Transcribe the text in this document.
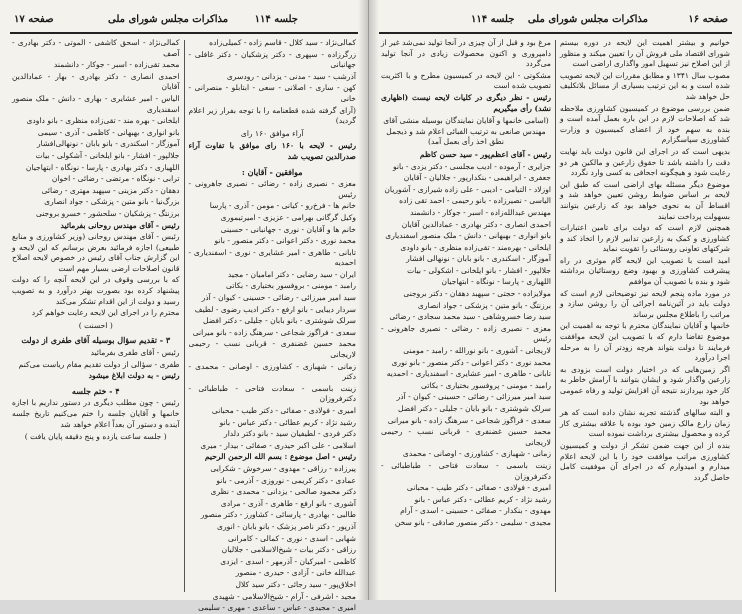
صفحه ۱۷	مذاکرات مجلس شورای ملی	جلسه ۱۱۴

کمالی‌نژاد - سید کلال - قاسم زاده - کمیلی‌زاده

زرگرزاده - سپهری - دکتر پزشکیان - دکتر غافلی - جهانبانی

آذرشب - سید - مدنی - یزدانی - رودسری

کهن - ساری - اصلانی - سعی - ابتابلو - منصرانی - خانی

(آرای گرفته شده قطعنامه را با توجه بفرار زیر اعلام گردید)

آراء موافق ۱۶۰ رای

رئیس - لایحه با ۱۶۰ رای موافق با تفاوت آراء صدرالدین تصویب شد

موافقین - آقایان :

معزی - نصیری زاده - رضائی - نصیری جاهرونی - رئیس

خانم ها - فرخ‌رو - کیانی - مومن - آذری - پارسا

وکیل گرگانی بهرامی - عزیزی - امیرتیموری

خانم ها و آقایان - نوری - جهانبانی - حسینی

محمد نوری - دکتر اعوانی - دکتر منصور - بانو

تابانی - طاهری - امیر عشایری - نوری - اسفندیاری - احمدیه

ایران - سید رضایی - دکتر امامیان - مجید

رامبد - مومنی - بروفسور بختیاری - بکاتی

سید امیر میرزائی - رضائی - حسینی - کیوان - آذر

سردار دیبایی - بانو ارفع - دکتر ادیب رضوی - لطیف

سرلک شوشتری - بانو بابان - جلیلی - دکتر افضل

سعدی - فراگوز شجاعی - سرهنگ زاده - بانو میرانی

محمد حسین غضنفری - قربانی نسب - رحیمی لاریجانی

زمانی - شهبازی - کشاورزی - اوصانی - محمدی - دکتر

زینت باسمی - سعادت فتاحی - طباطبائی - دکترفروزان

امیری - فولادی - صفائی - دکتر طیب - محبانی

رشید نژاد - کریم عطائی - دکتر عباس - بانو

دکتر فردی - لطیفیان سید - بانو دکتر دلدار

اسلامی - علی اکبر حیدری - صفائی - بیدار - میری

رئیس - اصل موضوع : بسم الله الرحمن الرحیم

پیرزاده - رزاقی - مهدوی - سرخوش - شکرایی

عمادی - دکتر کریمی - نوروزی - آذرمی - بانو

دکتر محمود صالحی - یزدانی - محمدی - نظری

آشوری - بانو ارفع - طاهری - آذری - مرادی

طالبی - بهادری - پارسائی - کشاورز - دکتر منصور

آذرپور - دکتر ناصر پزشک - بانو بابان - انوری

شهابی - اسدی - نوری - کمالی - کامرانی

رزاقی - دکتر بیات - شیخ‌الاسلامی - جلالیان

کاظمی - امیرکیان - آذرمهر - اسدی - ایزدی

عبدالله خانی - آزادی - حیدری - منصور

اخلاق‌پور - سید رجائی - دکتر سید کلال

مجید - اشرفی - آرام - شیخ‌الاسلامی - شهیدی

امیری - مجیدی - عباس - ساعدی - مهری - سلیمی

کمالی‌نژاد - اسحق کاشفی - الموتی - دکتر بهادری - آصف

محمد تقی‌زاده - اسبر - جوکار - دانشمند

احمدی انصاری - دکتر بهادری - بهار - عمادالدین آقایان

الیاس - امیر عشایری - بهاری - دانش - ملک منصور اسفندیاری

ایلخانی - بهره مند - تقی‌زاده منظری - بانو داودی

بانو انواری - بهبهانی - کاظمی - آذری - سیمی

آموزگار - اسکندری - بانو بابان - نونهالی‌افشار

جلالپور - افشار - بانو ایلخانی - آشکولی - بیات

اللهیاری - دکتر بهادری - پارسا - نونگاه - ابتهاجیان

ترابی - نونگاه - مرتضی - رضائی - اخوان

دهقان - دکتر مزینی - سپهبد مهتری - رضائی

بزرگ‌نیا - بانو متین - پزشکی - جواد انصاری

برزنتگ - پزشکیان - سلحشور - خسرو بروجنی

رئیس - آقای مهندس روحانی بفرمائید

رئیس - آقای مهندس روحانی (وزیر کشاورزی و منابع طبیعی) اجازه فرمائید بعرض برسانم که این لایحه و این گزارش جناب آقای رئیس در خصوص لایحه اصلاح قانون اصلاحات ارضی بسیار مهم است

که با بررسی وقوف در این لایحه آنچه را که دولت پیشنهاد کرده بود بصورت بهتر درآورد و به تصویب رسید و دولت از این اقدام تشکر می‌کند

محترم را در اجرای این لایحه رعایت خواهم کرد

( احسنت )

۳ - تقدیم سؤال بوسیله آقای طفری از دولت

رئیس - آقای طفری بفرمائید

طفری - سؤالی از دولت تقدیم مقام ریاست می‌کنم

رئیس - به دولت ابلاغ میشود

۴ - ختم جلسه

رئیس - چون مطلب دیگری در دستور نداریم با اجازه خانمها و آقایان جلسه را ختم می‌کنیم تاریخ جلسه آینده و دستور آن بعداً اعلام خواهد شد

( جلسه ساعت یازده و پنج دقیقه پایان یافت )

صفحه ۱۶
مذاکرات مجلس شورای ملی
جلسه ۱۱۴

خوانیم و بیشتر اهمیت این لایحه در دوره بیستم شورای اقتصاد ملی فروش آن را تعیین میکند و منظور از این اصلاح نیز تسهیل امور واگذاری اراضی است

مصوب سال ۱۳۴۱ و مطابق مقررات این لایحه تصویب شده است و به این ترتیب بسیاری از مسائل بلاتکلیف حل خواهد شد

ضمن بررسی موضوع در کمیسیون کشاورزی ملاحظه شد که اصلاحات لازم در این باره بعمل آمده است و بنده به سهم خود از اعضای کمیسیون و وزارت کشاورزی سپاسگزارم

بدیهی است که در اجرای این قانون دولت باید نهایت دقت را داشته باشد تا حقوق زارعین و مالکین هر دو رعایت شود و هیچگونه اجحافی به کسی وارد نگردد

موضوع دیگر مسئله بهای اراضی است که طبق این لایحه بر اساس ضوابط روشن تعیین خواهد شد و اقساط آن به نحوی خواهد بود که زارعین بتوانند بسهولت پرداخت نمایند

همچنین لازم است که دولت برای تامین اعتبارات کشاورزی و کمک به زارعین تدابیر لازم را اتخاذ کند و شرکتهای تعاونی روستائی را تقویت نماید

امید است با تصویب این لایحه گام موثری در راه پیشرفت کشاورزی و بهبود وضع روستائیان برداشته شود و بنده با تصویب آن موافقم

در مورد ماده پنجم لایحه نیز توضیحاتی لازم است که دولت باید در آئین‌نامه اجرائی آن را روشن سازد و مراتب را باطلاع مجلس برساند

خانمها و آقایان نمایندگان محترم با توجه به اهمیت این موضوع تقاضا دارم که با تصویب این لایحه موافقت فرمایند تا دولت بتواند هرچه زودتر آن را به مرحله اجرا درآورد

اگر زمین‌هایی که در اختیار دولت است بزودی به زارعین واگذار شود و ایشان بتوانند با آرامش خاطر به کار خود بپردازند نتیجه آن افزایش تولید و رفاه عمومی خواهد بود

و البته سالهای گذشته تجربه نشان داده است که هر زمان زارع مالک زمین خود بوده با علاقه بیشتری کار کرده و محصول بیشتری برداشت نموده است

بنده از این جهت ضمن تشکر از دولت و کمیسیون کشاورزی مراتب موافقت خود را با این لایحه اعلام میدارم و امیدوارم که در اجرای آن موفقیت کامل حاصل گردد

مرغ بود و قبل از آن چیزی در آنجا تولید نمی‌شد غیر از دامپروری و اکنون محصولات زیادی در آنجا تولید می‌گردد

مشکوتی - این لایحه در کمیسیون مطرح و با اکثریت تصویب شده است

رئیس - نظر دیگری در کلیات لایحه نیست (اظهاری نشد) رأی میگیریم

(اسامی خانمها و آقایان نمایندگان بوسیله منشی آقای مهندس صانعی به ترتیب الفبائی اعلام شد و ذیجمل نطق اخذ رأی بعمل آمد)

رئیس - آقای اعظم‌پور - سید حسن کاظم

جزایری - آرموده - ادیب مجلسی - دکتر یزدی - بانو

جعفری - ابراهیمی - بنکدارپور - جلالیان - آقایان

اوزلاد - التیامی - ادیبی - علی زاده شیرازی - آشوریان

الیاسی - نصیرزاده - بانو رحیمی - احمد تقی زاده

مهندس عبدالله‌زاده - اسبر - جوکار - دانشمند

احمدی انصاری - دکتر بهادری - عمادالدین آقایان

بانو انواری - بهبهانی - دانش - ملک منصور اسفندیاری

ایلخانی - بهره‌مند - تقی‌زاده منظری - بانو داودی

آموزگار - اسکندری - بانو بابان - نونهالی افشار

جلالپور - افشار - بانو ایلخانی - اشکولی - بیات

اللهیاری - پارسا - نونگاه - ابتهاجیان

مولایزاده - حجتی - سپهبد دهقان - دکتر بروجنی

برزنتگ - بانو متین - پزشکی - جواد انصاری

سید رضا خسروشاهی - سید محمد سجادی - رضائی

معزی - نصیری زاده - رضائی - نصیری جاهرونی - رئیس

لاریجانی - آشوری - بانو نورالله - رامبد - مومنی

محمد نوری - دکتر اعوانی - دکتر منصور - بانو نوری

تابانی - طاهری - امیر عشایری - اسفندیاری - احمدیه

رامبد - مومنی - پروفسور بختیاری - بکاتی

سید امیر میرزائی - رضائی - حسینی - کیوان - آذر

سرلک شوشتری - بانو بابان - جلیلی - دکتر افضل

سعدی - فراگوز شجاعی - سرهنگ زاده - بانو میرانی

محمد حسین غضنفری - قربانی نسب - رحیمی لاریجانی

زمانی - شهبازی - کشاورزی - اوصانی - محمدی

زینت باسمی - سعادت فتاحی - طباطبائی - دکترفروزان

امیری - فولادی - صفائی - دکتر طیب - محبانی

رشید نژاد - کریم عطائی - دکتر عباس - بانو

مهدوی - بنکدار - صفائی - حسینی - اسدی - آرام

مجیدی - سلیمی - دکتر منصور صادقی - بانو سخن
